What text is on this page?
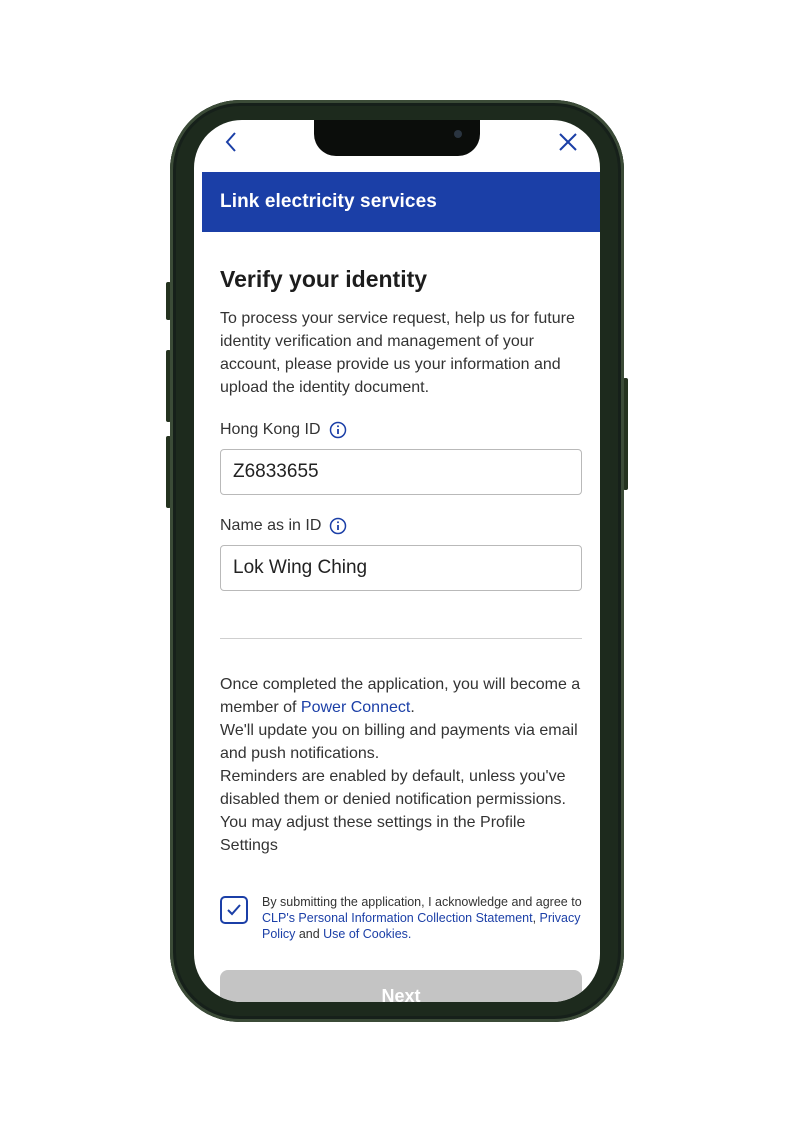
Link electricity services
Verify your identity

To process your service request, help us for future identity verification and management of your account, please provide us your information and upload the identity document.

Hong Kong ID
Z6833655
Name as in ID
Lok Wing Ching
Once completed the application, you will become a member of Power Connect.
We'll update you on billing and payments via email and push notifications.
Reminders are enabled by default, unless you've disabled them or denied notification permissions. You may adjust these settings in the Profile Settings
By submitting the application, I acknowledge and agree to CLP's Personal Information Collection Statement, Privacy Policy and Use of Cookies.
Next
